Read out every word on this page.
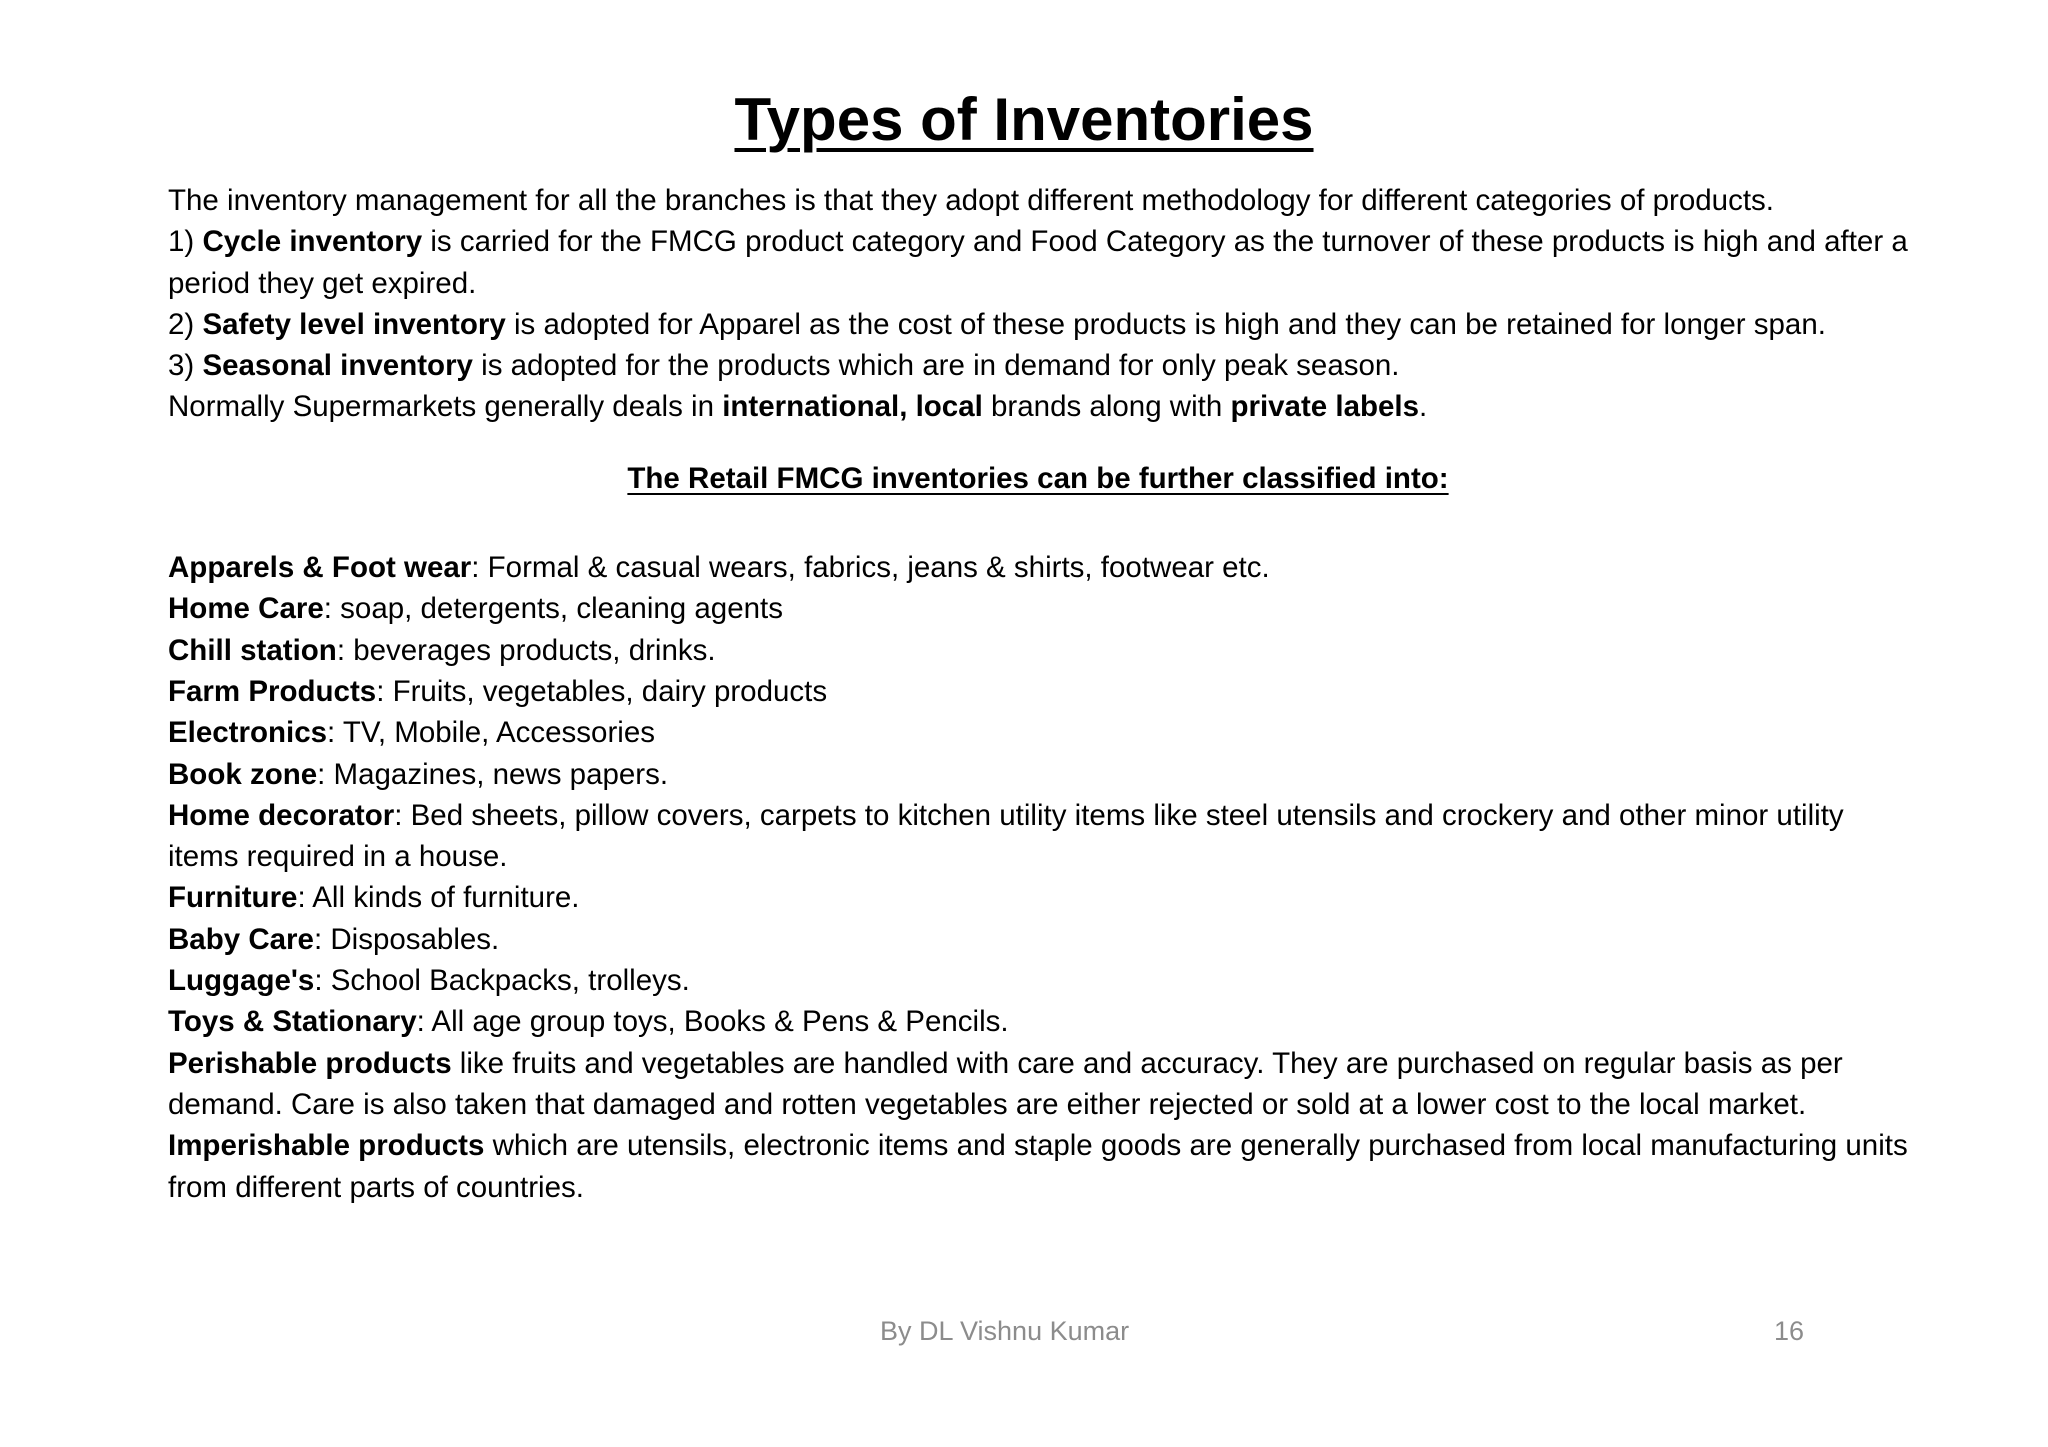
Types of Inventories

The inventory management for all the branches is that they adopt different methodology for different categories of products.

1) Cycle inventory is carried for the FMCG product category and Food Category as the turnover of these products is high and after a period they get expired.

2) Safety level inventory is adopted for Apparel as the cost of these products is high and they can be retained for longer span.

3) Seasonal inventory is adopted for the products which are in demand for only peak season.

Normally Supermarkets generally deals in international, local brands along with private labels.

The Retail FMCG inventories can be further classified into:

Apparels & Foot wear: Formal & casual wears, fabrics, jeans & shirts, footwear etc.

Home Care: soap, detergents, cleaning agents

Chill station: beverages products, drinks.

Farm Products: Fruits, vegetables, dairy products

Electronics: TV, Mobile, Accessories

Book zone: Magazines, news papers.

Home decorator: Bed sheets, pillow covers, carpets to kitchen utility items like steel utensils and crockery and other minor utility items required in a house.

Furniture: All kinds of furniture.

Baby Care: Disposables.

Luggage's: School Backpacks, trolleys.

Toys & Stationary: All age group toys, Books & Pens & Pencils.

Perishable products like fruits and vegetables are handled with care and accuracy. They are purchased on regular basis as per demand. Care is also taken that damaged and rotten vegetables are either rejected or sold at a lower cost to the local market.

Imperishable products which are utensils, electronic items and staple goods are generally purchased from local manufacturing units from different parts of countries.

By DL Vishnu Kumar	16
